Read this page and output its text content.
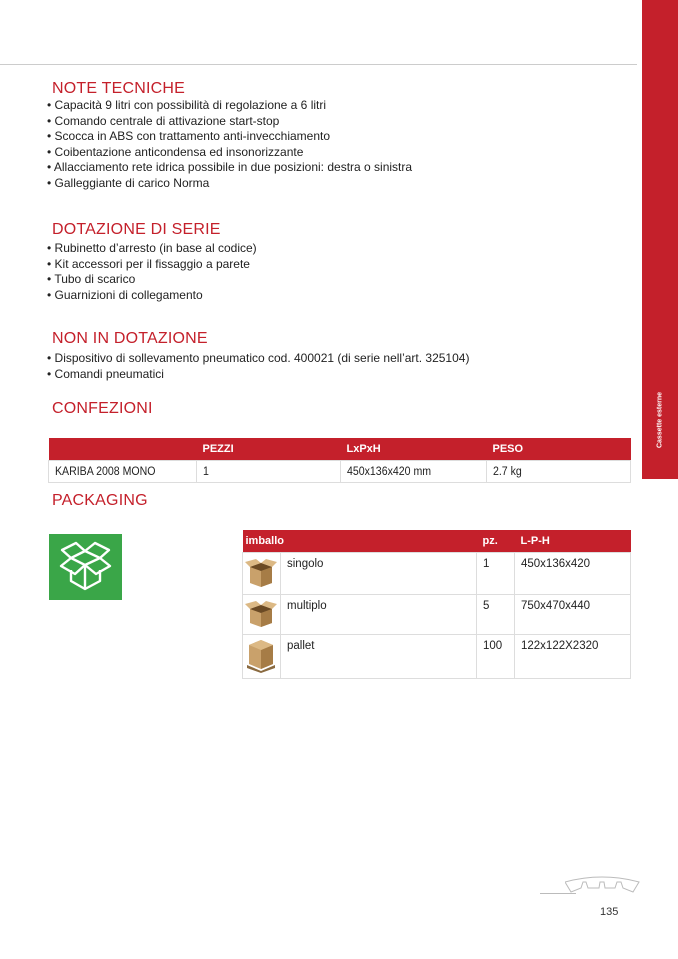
Cassette esterne
NOTE TECNICHE
• Capacità 9 litri con possibilità di regolazione a 6 litri
• Comando centrale di attivazione start-stop
• Scocca in ABS con trattamento anti-invecchiamento
• Coibentazione anticondensa ed insonorizzante
• Allacciamento rete idrica possibile in due posizioni: destra o sinistra
• Galleggiante di carico Norma
DOTAZIONE DI SERIE
• Rubinetto d’arresto (in base al codice)
• Kit accessori per il fissaggio a parete
• Tubo di scarico
• Guarnizioni di collegamento
NON IN DOTAZIONE
• Dispositivo di sollevamento pneumatico cod. 400021 (di serie nell’art. 325104)
• Comandi pneumatici
CONFEZIONI
	PEZZI	LxPxH	PESO
KARIBA 2008 MONO	1	450x136x420 mm	2.7 kg
PACKAGING
imballo		pz.	L-P-H
	singolo	1	450x136x420
	multiplo	5	750x470x440
	pallet	100	122x122X2320
135
